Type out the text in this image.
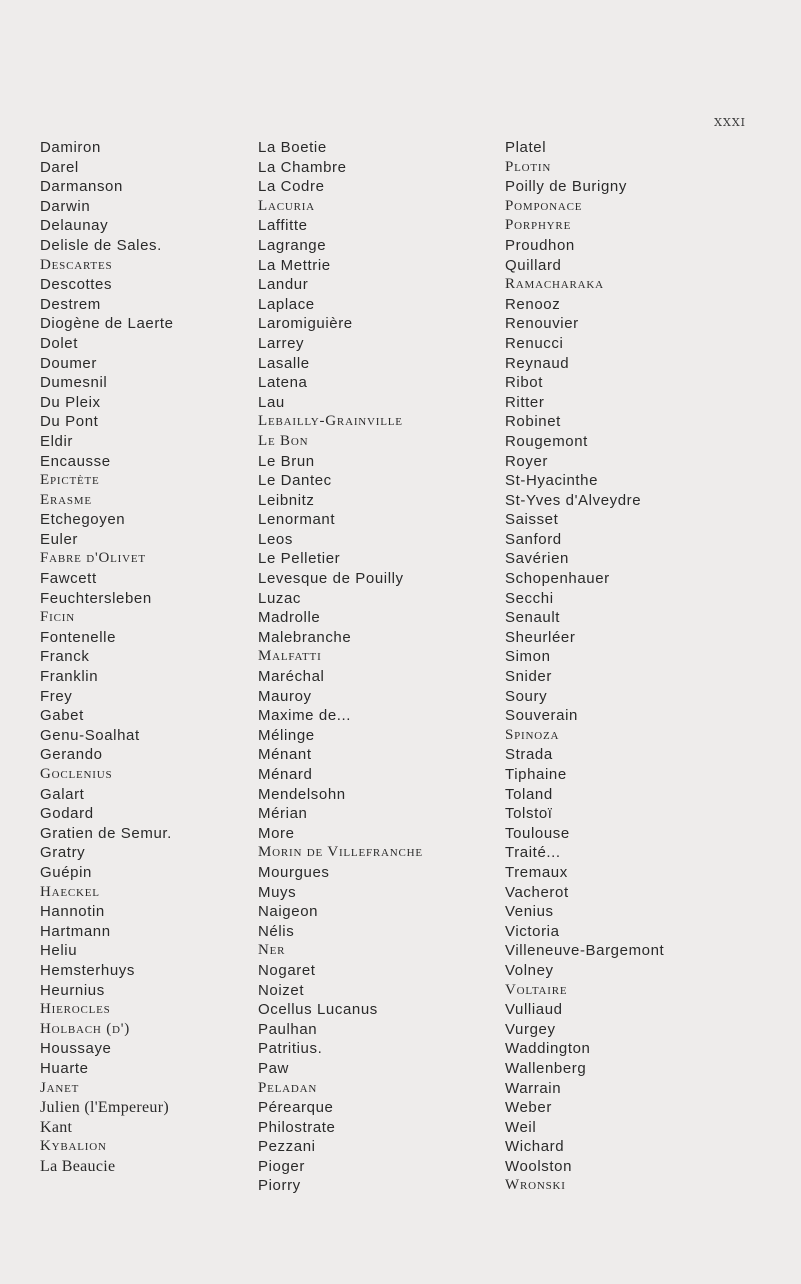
XXXI
Damiron
Darel
Darmanson
Darwin
Delaunay
Delisle de Sales.
Descartes
Descottes
Destrem
Diogène de Laerte
Dolet
Doumer
Dumesnil
Du Pleix
Du Pont
Eldir
Encausse
Epictète
Erasme
Etchegoyen
Euler
Fabre d'Olivet
Fawcett
Feuchtersleben
Ficin
Fontenelle
Franck
Franklin
Frey
Gabet
Genu-Soalhat
Gerando
Goclenius
Galart
Godard
Gratien de Semur.
Gratry
Guépin
Haeckel
Hannotin
Hartmann
Heliu
Hemsterhuys
Heurnius
Hierocles
Holbach (d')
Houssaye
Huarte
Janet
Julien (l'Empereur)
Kant
Kybalion
La Beaucie
La Boetie
La Chambre
La Codre
Lacuria
Laffitte
Lagrange
La Mettrie
Landur
Laplace
Laromiguière
Larrey
Lasalle
Latena
Lau
Lebailly-Grainville
Le Bon
Le Brun
Le Dantec
Leibnitz
Lenormant
Leos
Le Pelletier
Levesque de Pouilly
Luzac
Madrolle
Malebranche
Malfatti
Maréchal
Mauroy
Maxime de...
Mélinge
Ménant
Ménard
Mendelsohn
Mérian
More
Morin de Villefranche
Mourgues
Muys
Naigeon
Nélis
Ner
Nogaret
Noizet
Ocellus Lucanus
Paulhan
Patritius.
Paw
Peladan
Pérearque
Philostrate
Pezzani
Pioger
Piorry
Platel
Plotin
Poilly de Burigny
Pomponace
Porphyre
Proudhon
Quillard
Ramacharaka
Renooz
Renouvier
Renucci
Reynaud
Ribot
Ritter
Robinet
Rougemont
Royer
St-Hyacinthe
St-Yves d'Alveydre
Saisset
Sanford
Savérien
Schopenhauer
Secchi
Senault
Sheurléer
Simon
Snider
Soury
Souverain
Spinoza
Strada
Tiphaine
Toland
Tolstoï
Toulouse
Traité...
Tremaux
Vacherot
Venius
Victoria
Villeneuve-Bargemont
Volney
Voltaire
Vulliaud
Vurgey
Waddington
Wallenberg
Warrain
Weber
Weil
Wichard
Woolston
Wronski
